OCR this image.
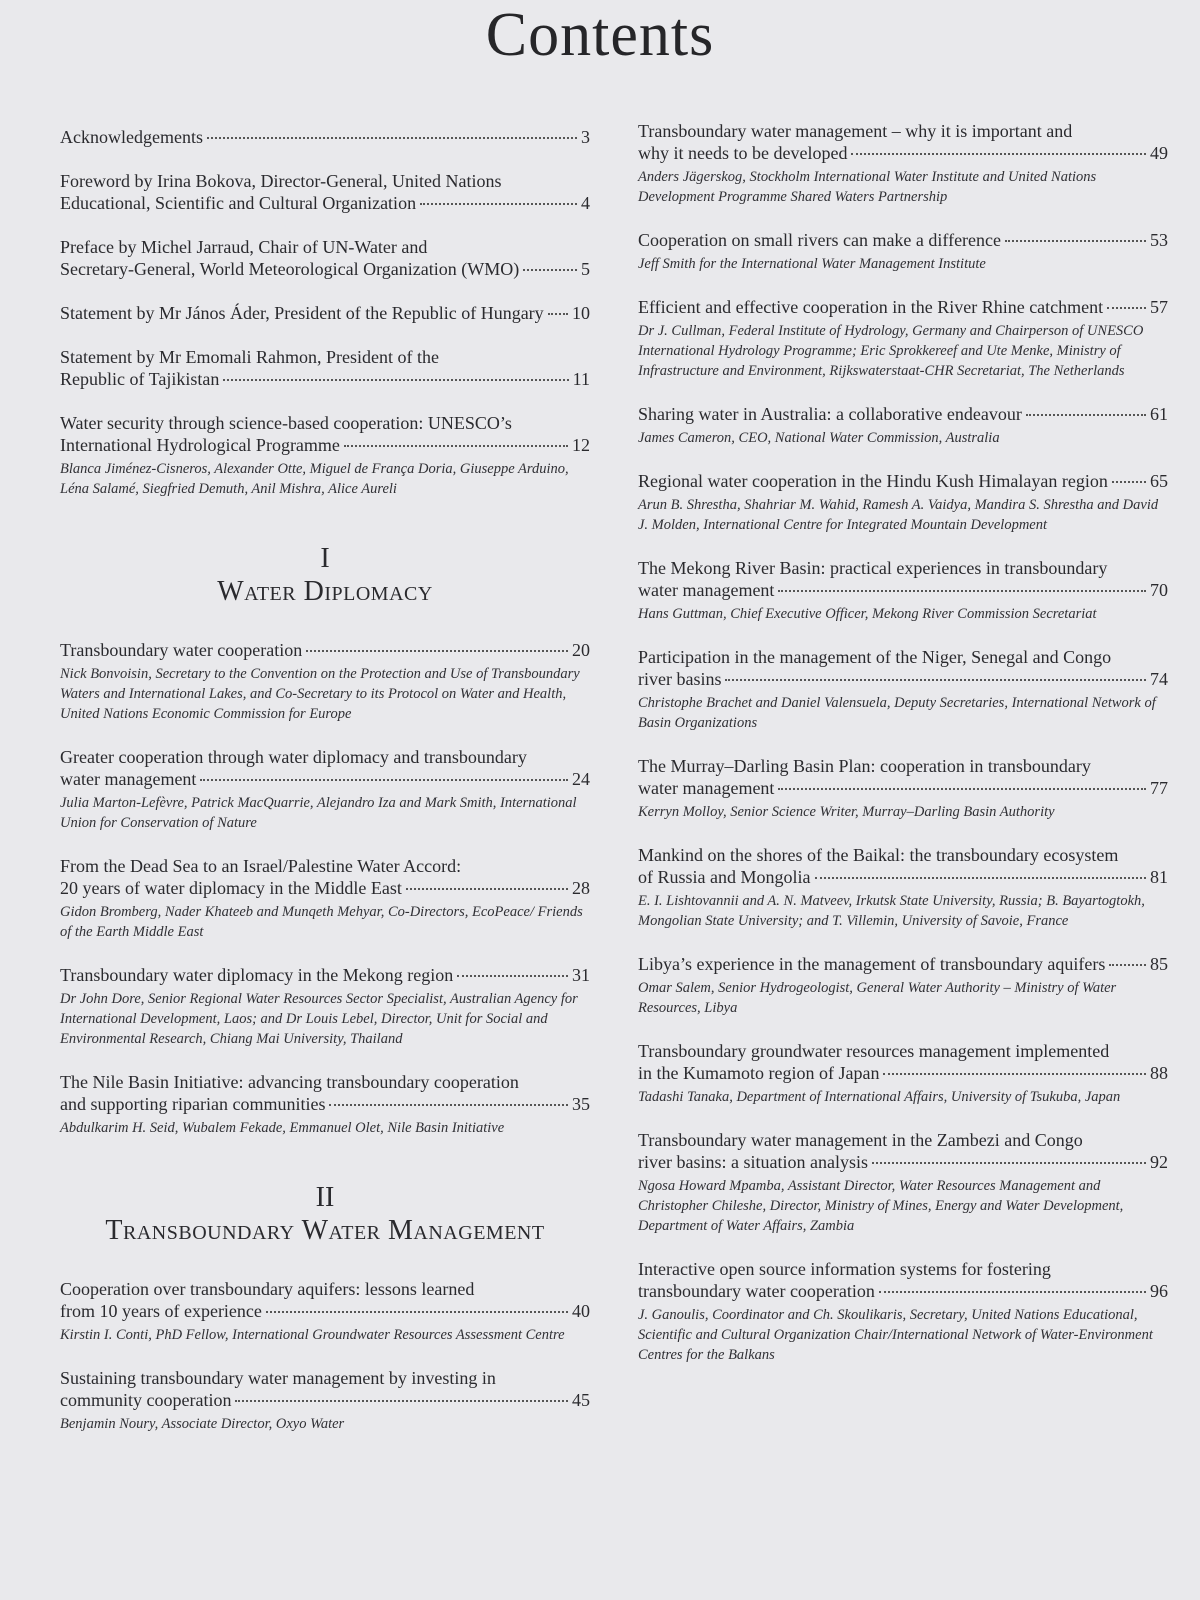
Contents
Acknowledgements	3
Foreword by Irina Bokova, Director-General, United Nations
Educational, Scientific and Cultural Organization	4
Preface by Michel Jarraud, Chair of UN-Water and
Secretary-General, World Meteorological Organization (WMO)	5
Statement by Mr János Áder, President of the Republic of Hungary 10
Statement by Mr Emomali Rahmon, President of the
Republic of Tajikistan	11
Water security through science-based cooperation: UNESCO’s
International Hydrological Programme	12
Blanca Jiménez-Cisneros, Alexander Otte, Miguel de França Doria, Giuseppe Arduino, Léna Salamé, Siegfried Demuth, Anil Mishra, Alice Aureli
I
Water Diplomacy
Transboundary water cooperation	20
Nick Bonvoisin, Secretary to the Convention on the Protection and Use of Transboundary Waters and International Lakes, and Co-Secretary to its Protocol on Water and Health, United Nations Economic Commission for Europe
Greater cooperation through water diplomacy and transboundary
water management	24
Julia Marton-Lefèvre, Patrick MacQuarrie, Alejandro Iza and Mark Smith, International Union for Conservation of Nature
From the Dead Sea to an Israel/Palestine Water Accord:
20 years of water diplomacy in the Middle East	28
Gidon Bromberg, Nader Khateeb and Munqeth Mehyar, Co-Directors, EcoPeace/ Friends of the Earth Middle East
Transboundary water diplomacy in the Mekong region	31
Dr John Dore, Senior Regional Water Resources Sector Specialist, Australian Agency for International Development, Laos; and Dr Louis Lebel, Director, Unit for Social and Environmental Research, Chiang Mai University, Thailand
The Nile Basin Initiative: advancing transboundary cooperation
and supporting riparian communities	35
Abdulkarim H. Seid, Wubalem Fekade, Emmanuel Olet, Nile Basin Initiative
II
Transboundary Water Management
Cooperation over transboundary aquifers: lessons learned
from 10 years of experience	40
Kirstin I. Conti, PhD Fellow, International Groundwater Resources Assessment Centre
Sustaining transboundary water management by investing in
community cooperation	45
Benjamin Noury, Associate Director, Oxyo Water
Transboundary water management – why it is important and
why it needs to be developed	49
Anders Jägerskog, Stockholm International Water Institute and United Nations Development Programme Shared Waters Partnership
Cooperation on small rivers can make a difference	53
Jeff Smith for the International Water Management Institute
Efficient and effective cooperation in the River Rhine catchment	57
Dr J. Cullman, Federal Institute of Hydrology, Germany and Chairperson of UNESCO International Hydrology Programme; Eric Sprokkereef and Ute Menke, Ministry of Infrastructure and Environment, Rijkswaterstaat-CHR Secretariat, The Netherlands
Sharing water in Australia: a collaborative endeavour	61
James Cameron, CEO, National Water Commission, Australia
Regional water cooperation in the Hindu Kush Himalayan region 65
Arun B. Shrestha, Shahriar M. Wahid, Ramesh A. Vaidya, Mandira S. Shrestha and David J. Molden, International Centre for Integrated Mountain Development
The Mekong River Basin: practical experiences in transboundary
water management	70
Hans Guttman, Chief Executive Officer, Mekong River Commission Secretariat
Participation in the management of the Niger, Senegal and Congo
river basins	74
Christophe Brachet and Daniel Valensuela, Deputy Secretaries, International Network of Basin Organizations
The Murray–Darling Basin Plan: cooperation in transboundary
water management	77
Kerryn Molloy, Senior Science Writer, Murray–Darling Basin Authority
Mankind on the shores of the Baikal: the transboundary ecosystem
of Russia and Mongolia	81
E. I. Lishtovannii and A. N. Matveev, Irkutsk State University, Russia; B. Bayartogtokh, Mongolian State University; and T. Villemin, University of Savoie, France
Libya’s experience in the management of transboundary aquifers 85
Omar Salem, Senior Hydrogeologist, General Water Authority – Ministry of Water Resources, Libya
Transboundary groundwater resources management implemented
in the Kumamoto region of Japan	88
Tadashi Tanaka, Department of International Affairs, University of Tsukuba, Japan
Transboundary water management in the Zambezi and Congo
river basins: a situation analysis	92
Ngosa Howard Mpamba, Assistant Director, Water Resources Management and Christopher Chileshe, Director, Ministry of Mines, Energy and Water Development, Department of Water Affairs, Zambia
Interactive open source information systems for fostering
transboundary water cooperation	96
J. Ganoulis, Coordinator and Ch. Skoulikaris, Secretary, United Nations Educational, Scientific and Cultural Organization Chair/International Network of Water-Environment Centres for the Balkans
